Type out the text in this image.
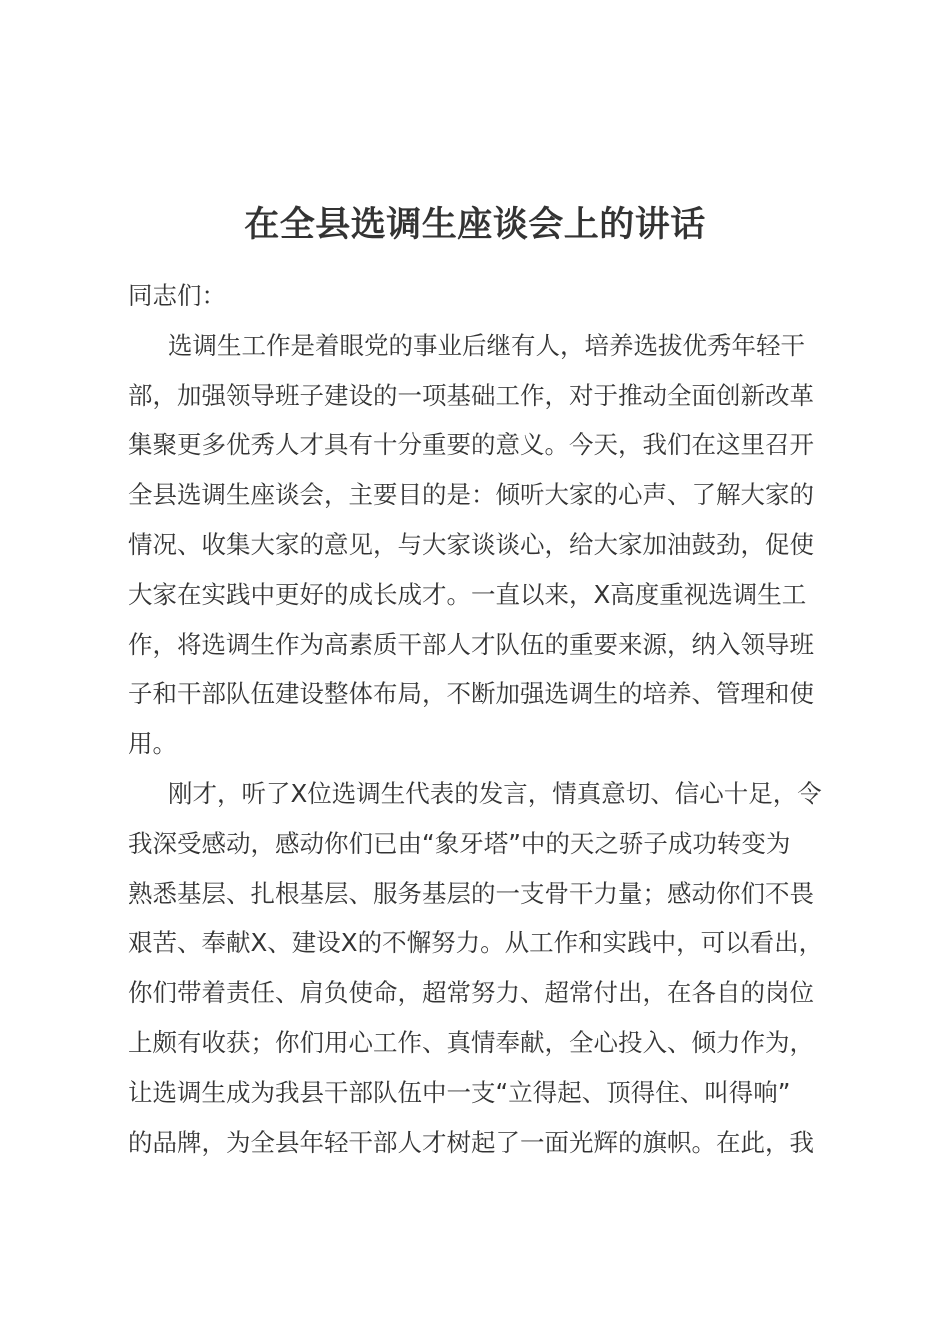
在全县选调生座谈会上的讲话

同志们：

选调生工作是着眼党的事业后继有人，培养选拔优秀年轻干

部，加强领导班子建设的一项基础工作，对于推动全面创新改革

集聚更多优秀人才具有十分重要的意义。今天，我们在这里召开

全县选调生座谈会，主要目的是：倾听大家的心声、了解大家的

情况、收集大家的意见，与大家谈谈心，给大家加油鼓劲，促使

大家在实践中更好的成长成才。一直以来，X高度重视选调生工

作，将选调生作为高素质干部人才队伍的重要来源，纳入领导班

子和干部队伍建设整体布局，不断加强选调生的培养、管理和使

用。

刚才，听了X位选调生代表的发言，情真意切、信心十足，令

我深受感动，感动你们已由“象牙塔”中的天之骄子成功转变为

熟悉基层、扎根基层、服务基层的一支骨干力量；感动你们不畏

艰苦、奉献X、建设X的不懈努力。从工作和实践中，可以看出，

你们带着责任、肩负使命，超常努力、超常付出，在各自的岗位

上颇有收获；你们用心工作、真情奉献，全心投入、倾力作为，

让选调生成为我县干部队伍中一支“立得起、顶得住、叫得响”

的品牌，为全县年轻干部人才树起了一面光辉的旗帜。在此，我
